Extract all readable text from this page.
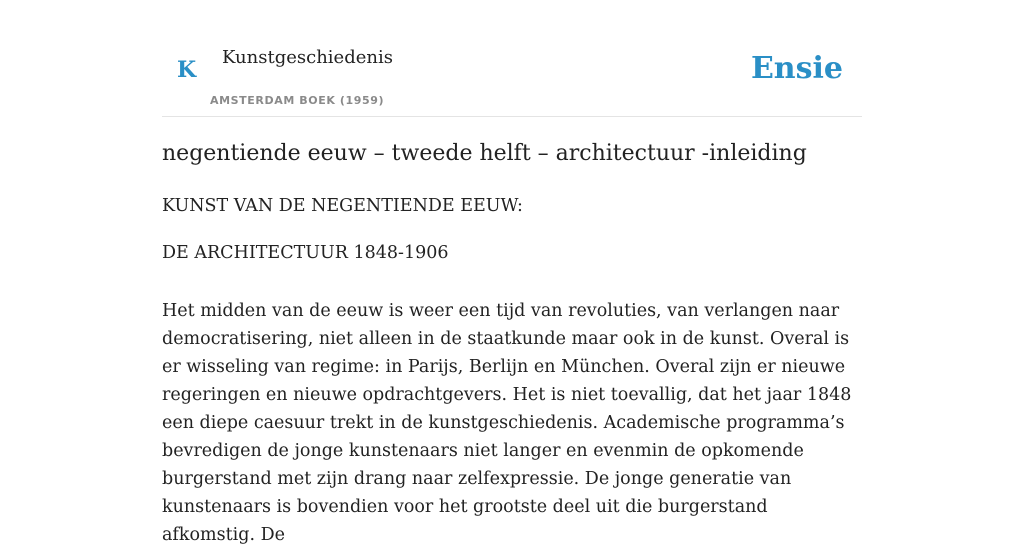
K Kunstgeschiedenis
AMSTERDAM BOEK (1959)
Ensie
negentiende eeuw – tweede helft – architectuur -inleiding

KUNST VAN DE NEGENTIENDE EEUW:

DE ARCHITECTUUR 1848-1906

Het midden van de eeuw is weer een tijd van revoluties, van verlangen naar democratisering, niet alleen in de staatkunde maar ook in de kunst. Overal is er wisseling van regime: in Parijs, Berlijn en München. Overal zijn er nieuwe regeringen en nieuwe opdrachtgevers. Het is niet toevallig, dat het jaar 1848 een diepe caesuur trekt in de kunstgeschiedenis. Academische programma’s bevredigen de jonge kunstenaars niet langer en evenmin de opkomende burgerstand met zijn drang naar zelfexpressie. De jonge generatie van kunstenaars is bovendien voor het grootste deel uit die burgerstand afkomstig. De
